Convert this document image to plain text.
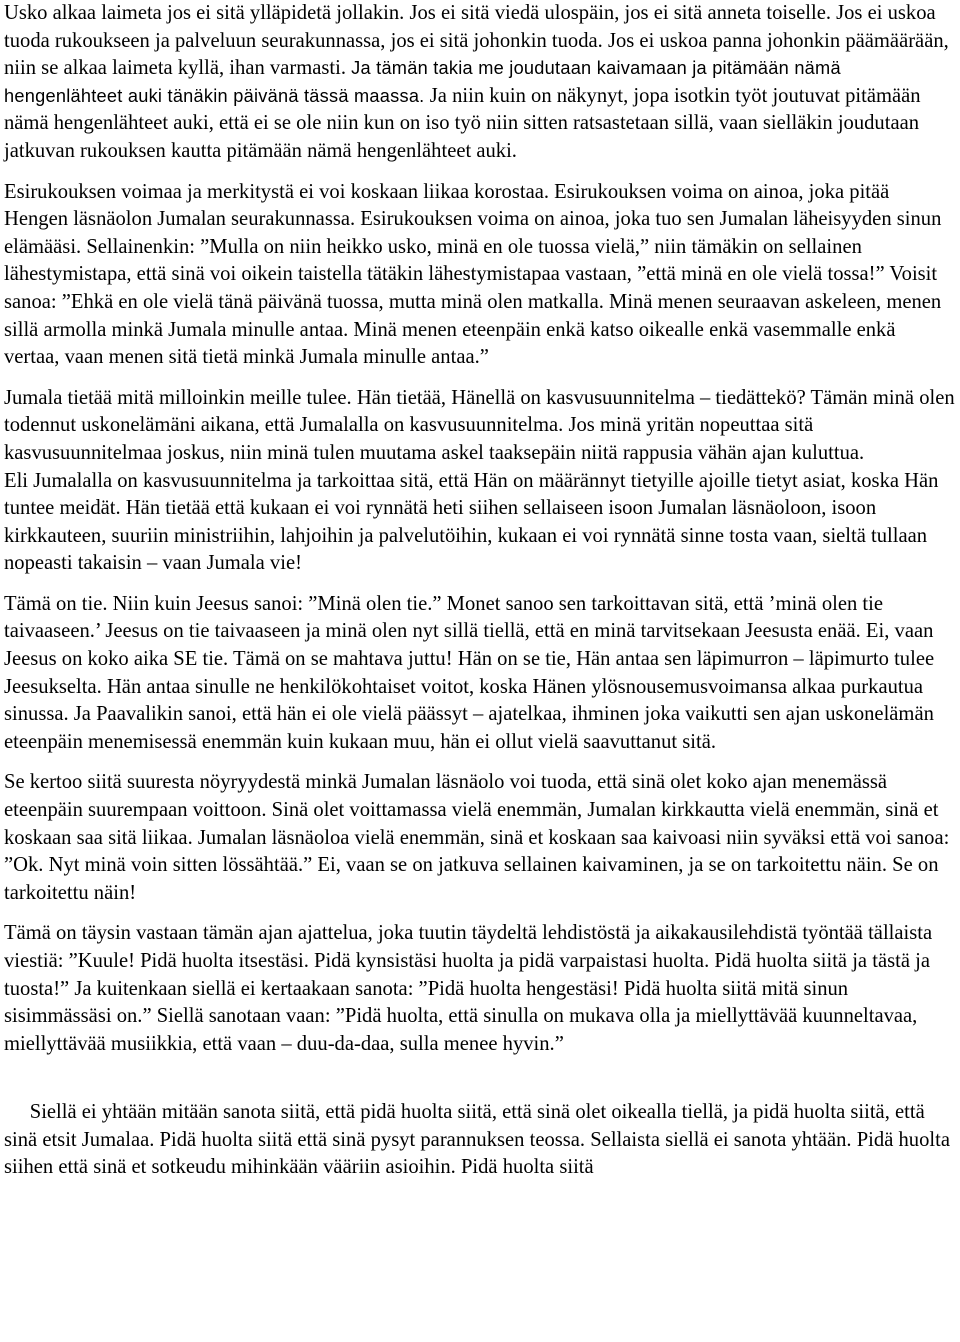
Usko alkaa laimeta jos ei sitä ylläpidetä jollakin. Jos ei sitä viedä ulospäin, jos ei sitä anneta toiselle. Jos ei uskoa tuoda rukoukseen ja palveluun seurakunnassa, jos ei sitä johonkin tuoda. Jos ei uskoa panna johonkin päämäärään, niin se alkaa laimeta kyllä, ihan varmasti. Ja tämän takia me joudutaan kaivamaan ja pitämään nämä hengenlähteet auki tänäkin päivänä tässä maassa. Ja niin kuin on näkynyt, jopa isotkin työt joutuvat pitämään nämä hengenlähteet auki, että ei se ole niin kun on iso työ niin sitten ratsastetaan sillä, vaan sielläkin joudutaan jatkuvan rukouksen kautta pitämään nämä hengenlähteet auki.
Esirukouksen voimaa ja merkitystä ei voi koskaan liikaa korostaa. Esirukouksen voima on ainoa, joka pitää Hengen läsnäolon Jumalan seurakunnassa. Esirukouksen voima on ainoa, joka tuo sen Jumalan läheisyyden sinun elämääsi. Sellainenkin: ”Mulla on niin heikko usko, minä en ole tuossa vielä,” niin tämäkin on sellainen lähestymistapa, että sinä voi oikein taistella tätäkin lähestymistapaa vastaan, ”että minä en ole vielä tossa!” Voisit sanoa: ”Ehkä en ole vielä tänä päivänä tuossa, mutta minä olen matkalla. Minä menen seuraavan askeleen, menen sillä armolla minkä Jumala minulle antaa. Minä menen eteenpäin enkä katso oikealle enkä vasemmalle enkä vertaa, vaan menen sitä tietä minkä Jumala minulle antaa.”
Jumala tietää mitä milloinkin meille tulee. Hän tietää, Hänellä on kasvusuunnitelma – tiedättekö? Tämän minä olen todennut uskonelämäni aikana, että Jumalalla on kasvusuunnitelma. Jos minä yritän nopeuttaa sitä kasvusuunnitelmaa joskus, niin minä tulen muutama askel taaksepäin niitä rappusia vähän ajan kuluttua.
Eli Jumalalla on kasvusuunnitelma ja tarkoittaa sitä, että Hän on määrännyt tietyille ajoille tietyt asiat, koska Hän tuntee meidät. Hän tietää että kukaan ei voi rynnätä heti siihen sellaiseen isoon Jumalan läsnäoloon, isoon kirkkauteen, suuriin ministriihin, lahjoihin ja palvelutöihin, kukaan ei voi rynnätä sinne tosta vaan, sieltä tullaan nopeasti takaisin – vaan Jumala vie!
Tämä on tie. Niin kuin Jeesus sanoi: ”Minä olen tie.” Monet sanoo sen tarkoittavan sitä, että ’minä olen tie taivaaseen.’ Jeesus on tie taivaaseen ja minä olen nyt sillä tiellä, että en minä tarvitsekaan Jeesusta enää. Ei, vaan Jeesus on koko aika SE tie. Tämä on se mahtava juttu! Hän on se tie, Hän antaa sen läpimurron – läpimurto tulee Jeesukselta. Hän antaa sinulle ne henkilökohtaiset voitot, koska Hänen ylösnousemusvoimansa alkaa purkautua sinussa. Ja Paavalikin sanoi, että hän ei ole vielä päässyt – ajatelkaa, ihminen joka vaikutti sen ajan uskonelämän eteenpäin menemisessä enemmän kuin kukaan muu, hän ei ollut vielä saavuttanut sitä.
Se kertoo siitä suuresta nöyryydestä minkä Jumalan läsnäolo voi tuoda, että sinä olet koko ajan menemässä eteenpäin suurempaan voittoon. Sinä olet voittamassa vielä enemmän, Jumalan kirkkautta vielä enemmän, sinä et koskaan saa sitä liikaa. Jumalan läsnäoloa vielä enemmän, sinä et koskaan saa kaivoasi niin syväksi että voi sanoa: ”Ok. Nyt minä voin sitten lössähtää.” Ei, vaan se on jatkuva sellainen kaivaminen, ja se on tarkoitettu näin. Se on tarkoitettu näin!
Tämä on täysin vastaan tämän ajan ajattelua, joka tuutin täydeltä lehdistöstä ja aikakausilehdistä työntää tällaista viestiä: ”Kuule! Pidä huolta itsestäsi. Pidä kynsistäsi huolta ja pidä varpaistasi huolta. Pidä huolta siitä ja tästä ja tuosta!” Ja kuitenkaan siellä ei kertaakaan sanota: ”Pidä huolta hengestäsi! Pidä huolta siitä mitä sinun sisimmässäsi on.” Siellä sanotaan vaan: ”Pidä huolta, että sinulla on mukava olla ja miellyttävää kuunneltavaa, miellyttävää musiikkia, että vaan – duu-da-daa, sulla menee hyvin.”

Siellä ei yhtään mitään sanota siitä, että pidä huolta siitä, että sinä olet oikealla tiellä, ja pidä huolta siitä, että sinä etsit Jumalaa. Pidä huolta siitä että sinä pysyt parannuksen teossa. Sellaista siellä ei sanota yhtään. Pidä huolta siihen että sinä et sotkeudu mihinkään vääriin asioihin. Pidä huolta siitä
